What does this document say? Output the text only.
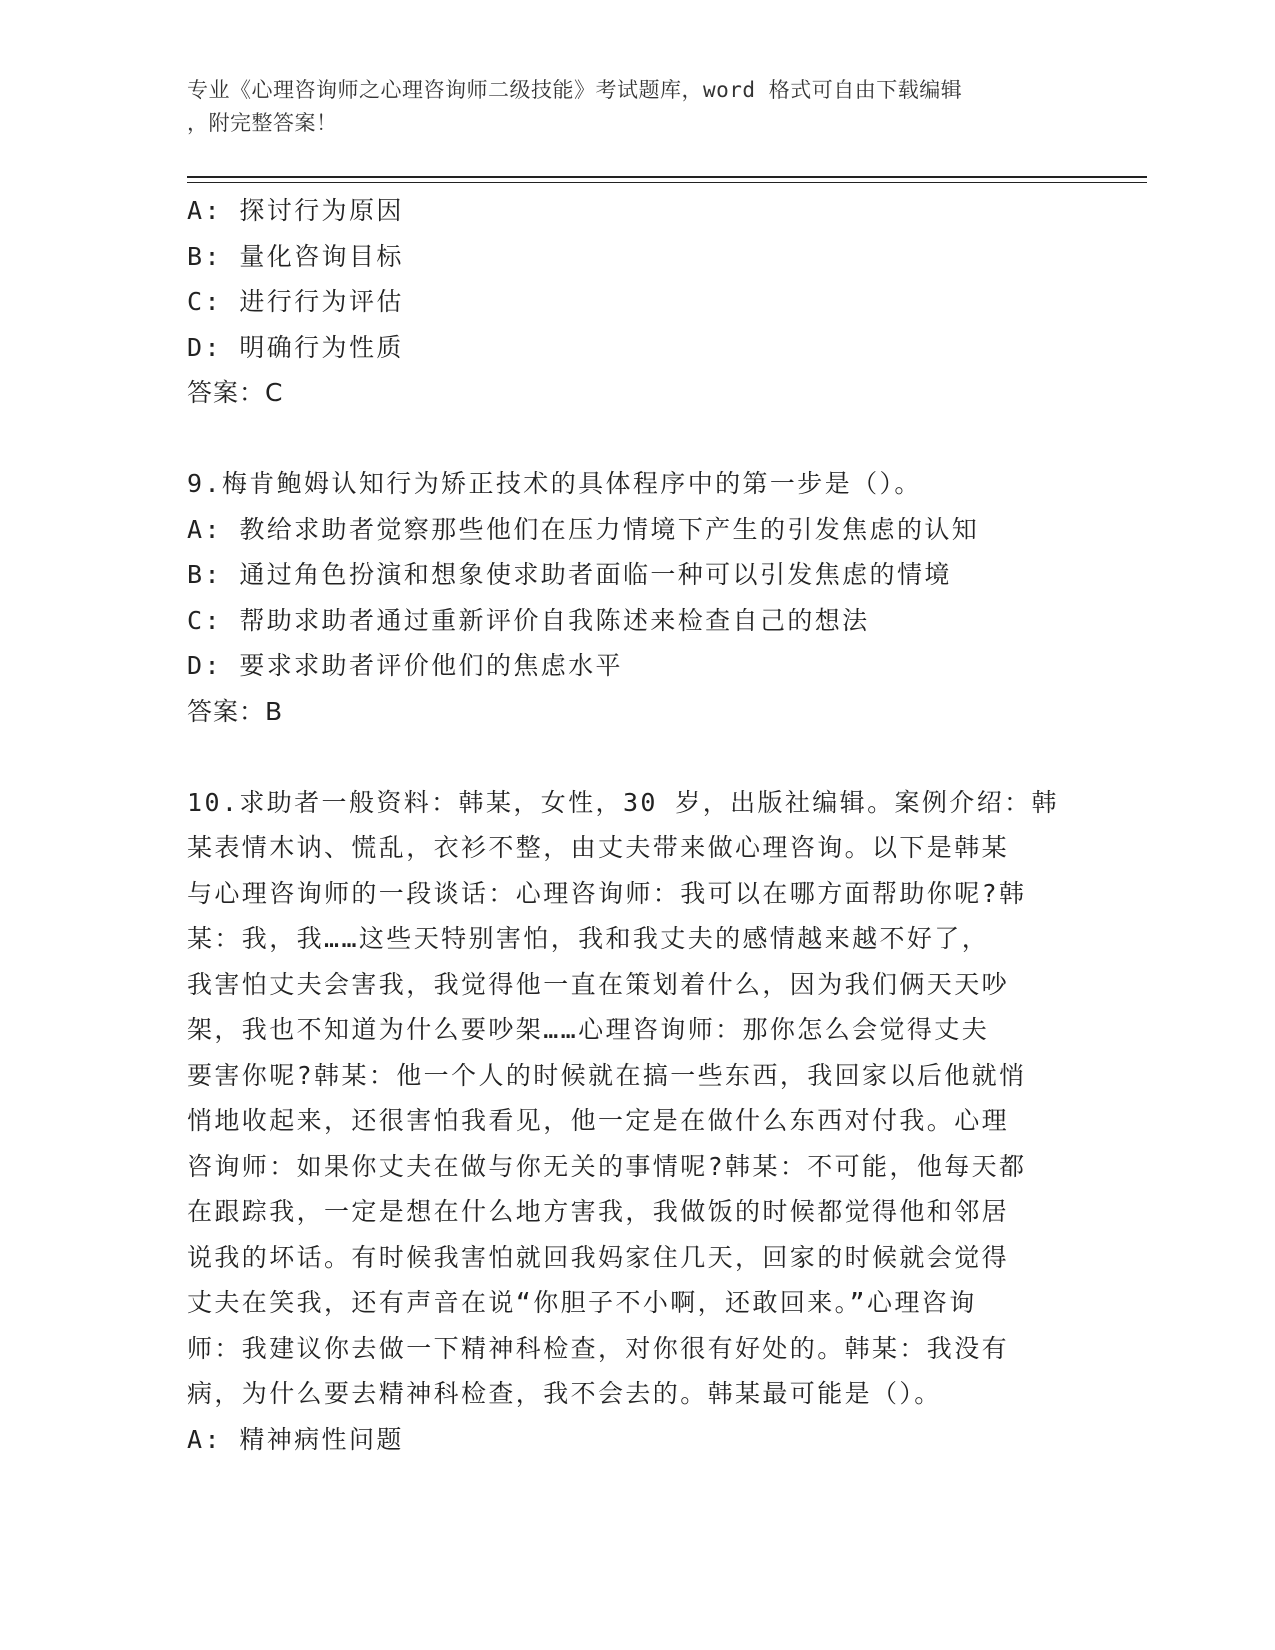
专业《心理咨询师之心理咨询师二级技能》考试题库，word 格式可自由下载编辑
，附完整答案！
A: 探讨行为原因
B: 量化咨询目标
C: 进行行为评估
D: 明确行为性质
答案：C
9.梅肯鲍姆认知行为矫正技术的具体程序中的第一步是（）。
A: 教给求助者觉察那些他们在压力情境下产生的引发焦虑的认知
B: 通过角色扮演和想象使求助者面临一种可以引发焦虑的情境
C: 帮助求助者通过重新评价自我陈述来检查自己的想法
D: 要求求助者评价他们的焦虑水平
答案：B
10.求助者一般资料：韩某，女性，30 岁，出版社编辑。案例介绍：韩
某表情木讷、慌乱，衣衫不整，由丈夫带来做心理咨询。以下是韩某
与心理咨询师的一段谈话：心理咨询师：我可以在哪方面帮助你呢?韩
某：我，我……这些天特别害怕，我和我丈夫的感情越来越不好了，
我害怕丈夫会害我，我觉得他一直在策划着什么，因为我们俩天天吵
架，我也不知道为什么要吵架……心理咨询师：那你怎么会觉得丈夫
要害你呢?韩某：他一个人的时候就在搞一些东西，我回家以后他就悄
悄地收起来，还很害怕我看见，他一定是在做什么东西对付我。心理
咨询师：如果你丈夫在做与你无关的事情呢?韩某：不可能，他每天都
在跟踪我，一定是想在什么地方害我，我做饭的时候都觉得他和邻居
说我的坏话。有时候我害怕就回我妈家住几天，回家的时候就会觉得
丈夫在笑我，还有声音在说“你胆子不小啊，还敢回来。”心理咨询
师：我建议你去做一下精神科检查，对你很有好处的。韩某：我没有
病，为什么要去精神科检查，我不会去的。韩某最可能是（）。
A: 精神病性问题
